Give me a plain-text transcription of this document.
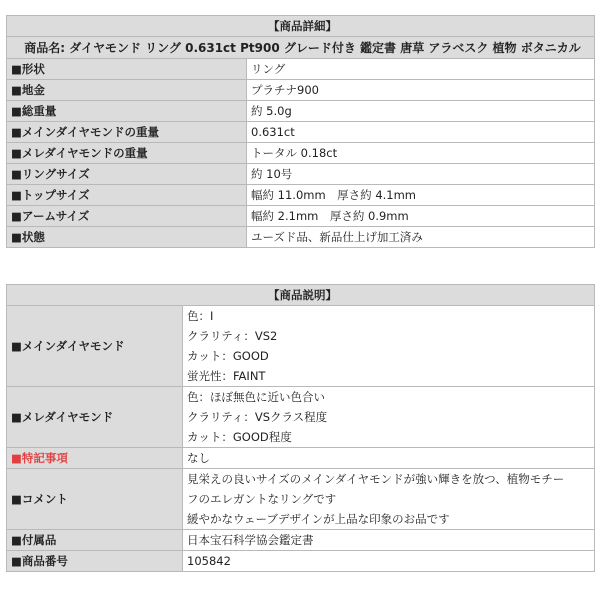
【商品詳細】	
商品名: ダイヤモンド リング 0.631ct Pt900 グレード付き 鑑定書 唐草 アラベスク 植物 ボタニカル	
■形状	リング
■地金	プラチナ900
■総重量	約 5.0g
■メインダイヤモンドの重量	0.631ct
■メレダイヤモンドの重量	トータル 0.18ct
■リングサイズ	約 10号
■トップサイズ	幅約 11.0mm　厚さ約 4.1mm
■アームサイズ	幅約 2.1mm　厚さ約 0.9mm
■状態	ユーズド品、新品仕上げ加工済み
【商品説明】	
■メインダイヤモンド	色：I
クラリティ：VS2
カット：GOOD
蛍光性：FAINT

■メレダイヤモンド	色：ほぼ無色に近い色合い
クラリティ：VSクラス程度
カット：GOOD程度

■特記事項	なし
■コメント	見栄えの良いサイズのメインダイヤモンドが強い輝きを放つ、植物モチー
フのエレガントなリングです
緩やかなウェーブデザインが上品な印象のお品です

■付属品	日本宝石科学協会鑑定書
■商品番号	105842
